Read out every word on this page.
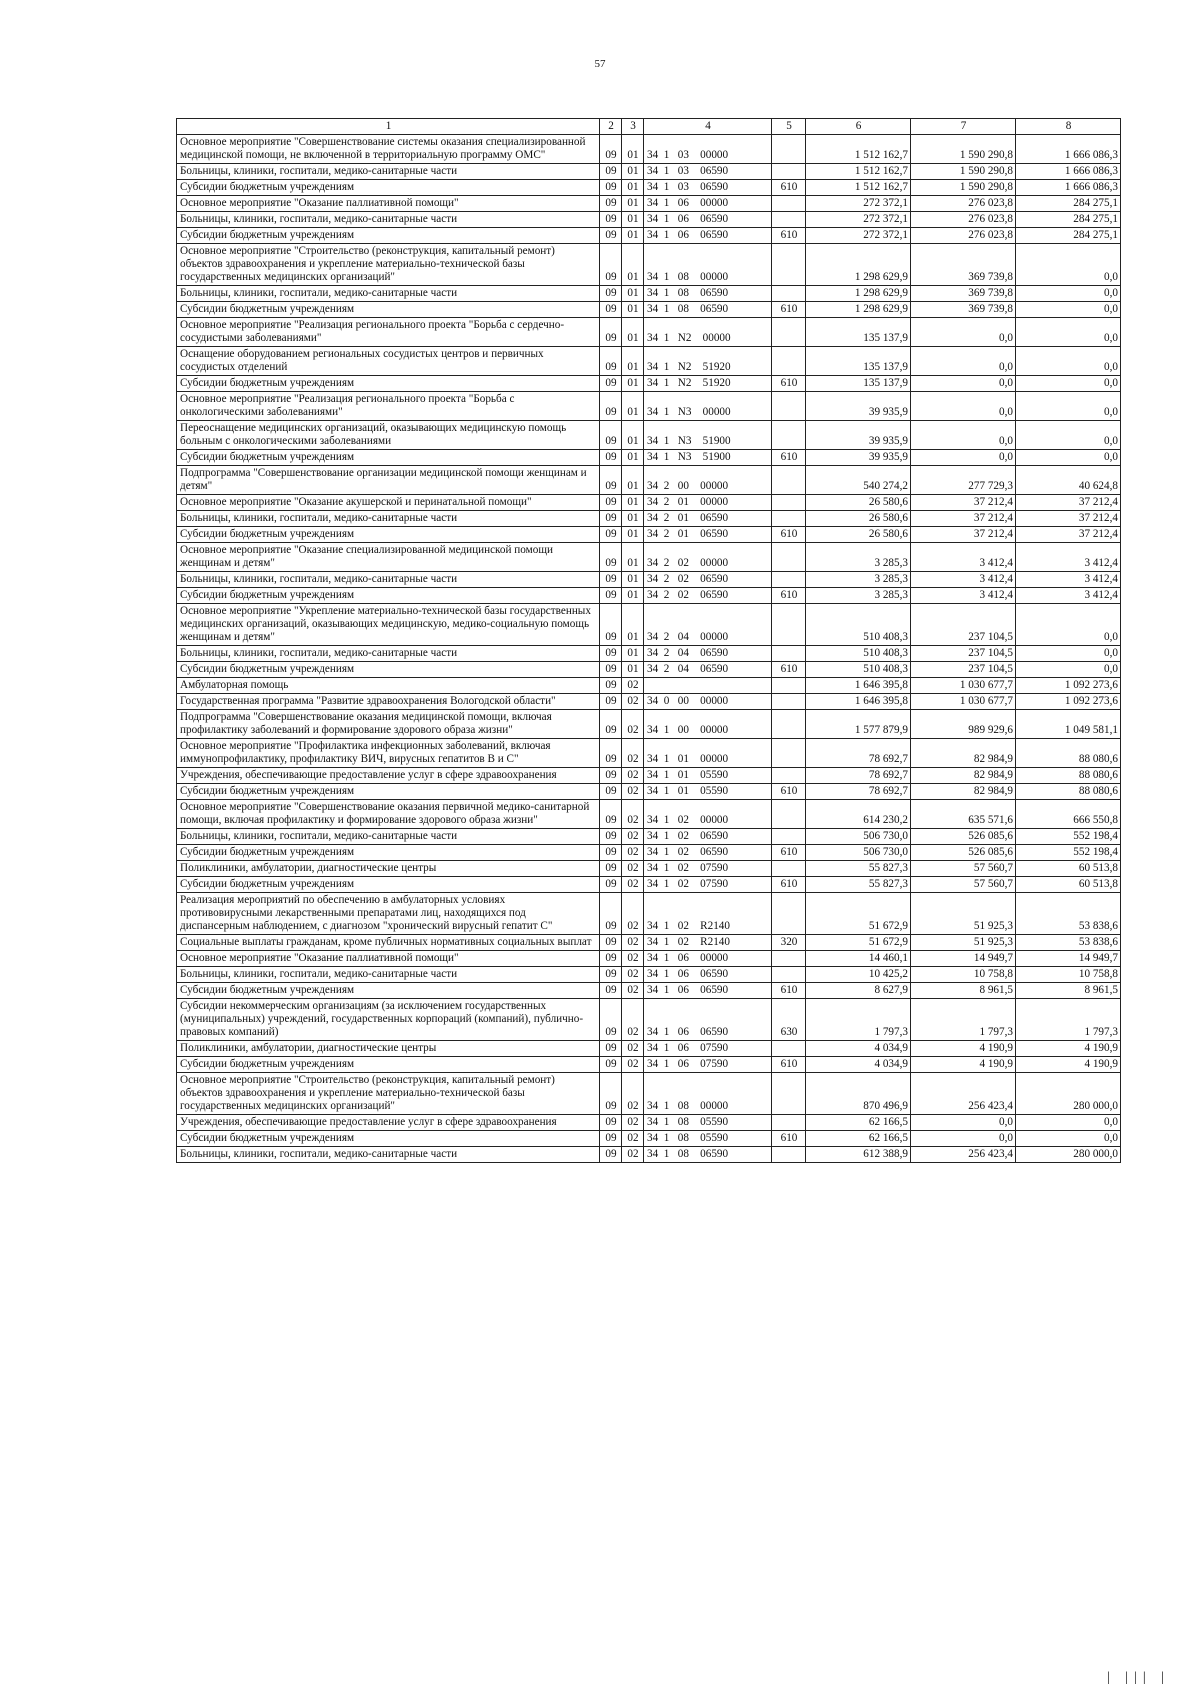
57
1	2	3	4	5	6	7	8
Основное мероприятие "Совершенствование системы оказания специализированной медицинской помощи, не включенной в территориальную программу ОМС"	09	01	34  1   03    00000		1 512 162,7	1 590 290,8	1 666 086,3
Больницы, клиники, госпитали, медико-санитарные части	09	01	34  1   03    06590		1 512 162,7	1 590 290,8	1 666 086,3
Субсидии бюджетным учреждениям	09	01	34  1   03    06590	610	1 512 162,7	1 590 290,8	1 666 086,3
Основное мероприятие "Оказание паллиативной помощи"	09	01	34  1   06    00000		272 372,1	276 023,8	284 275,1
Больницы, клиники, госпитали, медико-санитарные части	09	01	34  1   06    06590		272 372,1	276 023,8	284 275,1
Субсидии бюджетным учреждениям	09	01	34  1   06    06590	610	272 372,1	276 023,8	284 275,1
Основное мероприятие "Строительство (реконструкция, капитальный ремонт) объектов здравоохранения и укрепление материально-технической базы государственных медицинских организаций"	09	01	34  1   08    00000		1 298 629,9	369 739,8	0,0
Больницы, клиники, госпитали, медико-санитарные части	09	01	34  1   08    06590		1 298 629,9	369 739,8	0,0
Субсидии бюджетным учреждениям	09	01	34  1   08    06590	610	1 298 629,9	369 739,8	0,0
Основное мероприятие "Реализация регионального проекта "Борьба с сердечно-сосудистыми заболеваниями"	09	01	34  1   N2    00000		135 137,9	0,0	0,0
Оснащение оборудованием региональных сосудистых центров и первичных сосудистых отделений	09	01	34  1   N2    51920		135 137,9	0,0	0,0
Субсидии бюджетным учреждениям	09	01	34  1   N2    51920	610	135 137,9	0,0	0,0
Основное мероприятие "Реализация регионального проекта "Борьба с онкологическими заболеваниями"	09	01	34  1   N3    00000		39 935,9	0,0	0,0
Переоснащение медицинских организаций, оказывающих медицинскую помощь больным с онкологическими заболеваниями	09	01	34  1   N3    51900		39 935,9	0,0	0,0
Субсидии бюджетным учреждениям	09	01	34  1   N3    51900	610	39 935,9	0,0	0,0
Подпрограмма "Совершенствование организации медицинской помощи женщинам и детям"	09	01	34  2   00    00000		540 274,2	277 729,3	40 624,8
Основное мероприятие "Оказание акушерской и перинатальной помощи"	09	01	34  2   01    00000		26 580,6	37 212,4	37 212,4
Больницы, клиники, госпитали, медико-санитарные части	09	01	34  2   01    06590		26 580,6	37 212,4	37 212,4
Субсидии бюджетным учреждениям	09	01	34  2   01    06590	610	26 580,6	37 212,4	37 212,4
Основное мероприятие "Оказание специализированной медицинской помощи женщинам и детям"	09	01	34  2   02    00000		3 285,3	3 412,4	3 412,4
Больницы, клиники, госпитали, медико-санитарные части	09	01	34  2   02    06590		3 285,3	3 412,4	3 412,4
Субсидии бюджетным учреждениям	09	01	34  2   02    06590	610	3 285,3	3 412,4	3 412,4
Основное мероприятие "Укрепление материально-технической базы государственных медицинских организаций, оказывающих медицинскую, медико-социальную помощь женщинам и детям"	09	01	34  2   04    00000		510 408,3	237 104,5	0,0
Больницы, клиники, госпитали, медико-санитарные части	09	01	34  2   04    06590		510 408,3	237 104,5	0,0
Субсидии бюджетным учреждениям	09	01	34  2   04    06590	610	510 408,3	237 104,5	0,0
Амбулаторная помощь	09	02			1 646 395,8	1 030 677,7	1 092 273,6
Государственная программа "Развитие здравоохранения Вологодской области"	09	02	34  0   00    00000		1 646 395,8	1 030 677,7	1 092 273,6
Подпрограмма "Совершенствование оказания медицинской помощи, включая профилактику заболеваний и формирование здорового образа жизни"	09	02	34  1   00    00000		1 577 879,9	989 929,6	1 049 581,1
Основное мероприятие "Профилактика инфекционных заболеваний, включая иммунопрофилактику, профилактику ВИЧ, вирусных гепатитов В и С"	09	02	34  1   01    00000		78 692,7	82 984,9	88 080,6
Учреждения, обеспечивающие предоставление услуг в сфере здравоохранения	09	02	34  1   01    05590		78 692,7	82 984,9	88 080,6
Субсидии бюджетным учреждениям	09	02	34  1   01    05590	610	78 692,7	82 984,9	88 080,6
Основное мероприятие "Совершенствование оказания первичной медико-санитарной помощи, включая профилактику и формирование здорового образа жизни"	09	02	34  1   02    00000		614 230,2	635 571,6	666 550,8
Больницы, клиники, госпитали, медико-санитарные части	09	02	34  1   02    06590		506 730,0	526 085,6	552 198,4
Субсидии бюджетным учреждениям	09	02	34  1   02    06590	610	506 730,0	526 085,6	552 198,4
Поликлиники, амбулатории, диагностические центры	09	02	34  1   02    07590		55 827,3	57 560,7	60 513,8
Субсидии бюджетным учреждениям	09	02	34  1   02    07590	610	55 827,3	57 560,7	60 513,8
Реализация мероприятий по обеспечению в амбулаторных условиях противовирусными лекарственными препаратами лиц, находящихся под диспансерным наблюдением, с диагнозом "хронический вирусный гепатит С"	09	02	34  1   02    R2140		51 672,9	51 925,3	53 838,6
Социальные выплаты гражданам, кроме публичных нормативных социальных выплат	09	02	34  1   02    R2140	320	51 672,9	51 925,3	53 838,6
Основное мероприятие "Оказание паллиативной помощи"	09	02	34  1   06    00000		14 460,1	14 949,7	14 949,7
Больницы, клиники, госпитали, медико-санитарные части	09	02	34  1   06    06590		10 425,2	10 758,8	10 758,8
Субсидии бюджетным учреждениям	09	02	34  1   06    06590	610	8 627,9	8 961,5	8 961,5
Субсидии некоммерческим организациям (за исключением государственных (муниципальных) учреждений, государственных корпораций (компаний), публично-правовых компаний)	09	02	34  1   06    06590	630	1 797,3	1 797,3	1 797,3
Поликлиники, амбулатории, диагностические центры	09	02	34  1   06    07590		4 034,9	4 190,9	4 190,9
Субсидии бюджетным учреждениям	09	02	34  1   06    07590	610	4 034,9	4 190,9	4 190,9
Основное мероприятие "Строительство (реконструкция, капитальный ремонт) объектов здравоохранения и укрепление материально-технической базы государственных медицинских организаций"	09	02	34  1   08    00000		870 496,9	256 423,4	280 000,0
Учреждения, обеспечивающие предоставление услуг в сфере здравоохранения	09	02	34  1   08    05590		62 166,5	0,0	0,0
Субсидии бюджетным учреждениям	09	02	34  1   08    05590	610	62 166,5	0,0	0,0
Больницы, клиники, госпитали, медико-санитарные части	09	02	34  1   08    06590		612 388,9	256 423,4	280 000,0
| ||| |
